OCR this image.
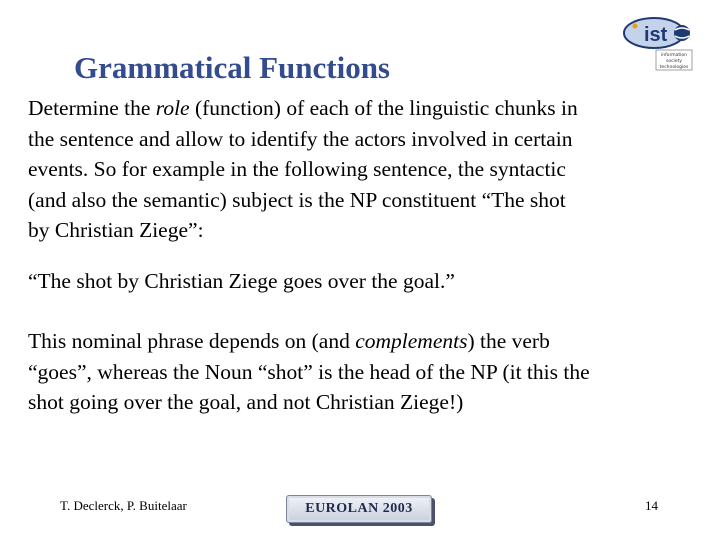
Grammatical Functions
ist
information
society
technologies
Determine the role (function) of each of the linguistic chunks in
the sentence and allow to identify the actors involved in certain
events. So for example in the following sentence, the syntactic
(and also the semantic) subject is the NP constituent “The shot
by Christian Ziege”:
“The shot by Christian Ziege goes over the goal.”
This nominal phrase depends on (and complements) the verb
“goes”, whereas the Noun “shot” is the head of the NP (it this the
shot going over the goal, and not Christian Ziege!)
T. Declerck, P. Buitelaar	EUROLAN 2003	14
